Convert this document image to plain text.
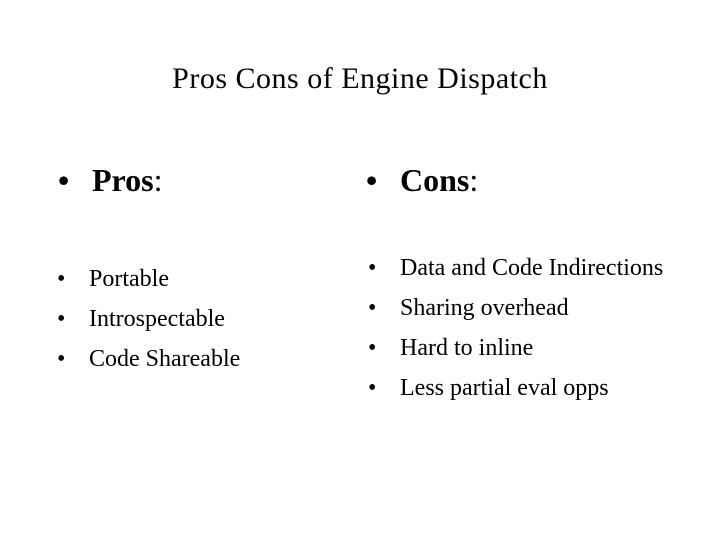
Pros Cons of Engine Dispatch
• Pros:	• Cons:
• Portable
• Introspectable
• Code Shareable
• Data and Code Indirections
• Sharing overhead
• Hard to inline
• Less partial eval opps
